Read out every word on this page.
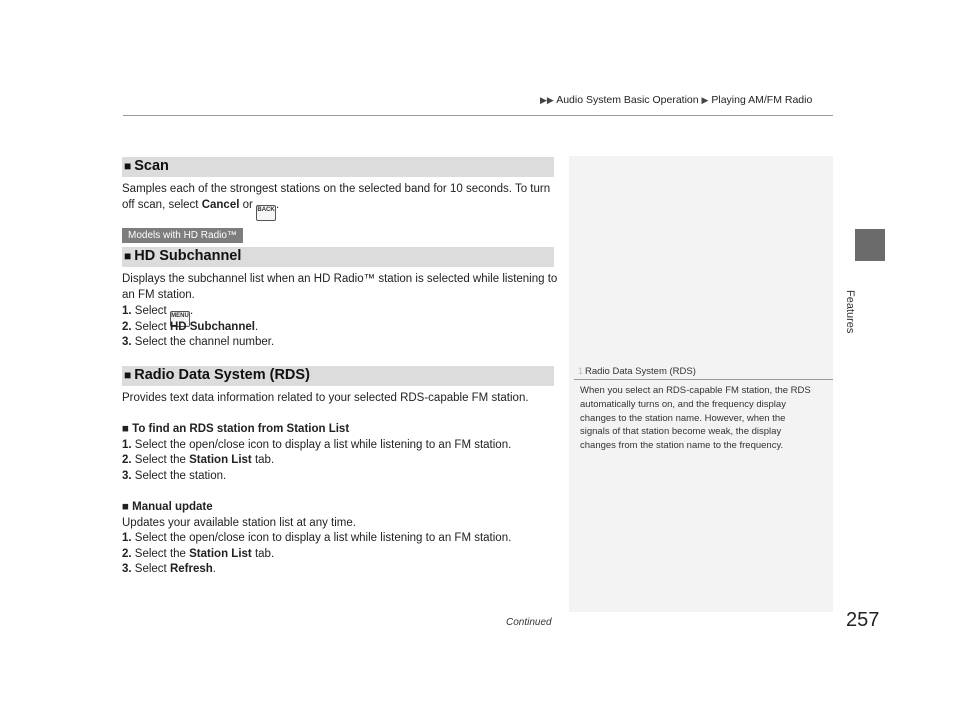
▶▶ Audio System Basic Operation ▶ Playing AM/FM Radio
Features
■ Scan
Samples each of the strongest stations on the selected band for 10 seconds. To turn
off scan, select Cancel or BACK.
Models with HD Radio™
■ HD Subchannel
Displays the subchannel list when an HD Radio™ station is selected while listening to
an FM station.
1. Select MENU.
2. Select HD Subchannel.
3. Select the channel number.
■ Radio Data System (RDS)
Provides text data information related to your selected RDS-capable FM station.
■ To find an RDS station from Station List
1. Select the open/close icon to display a list while listening to an FM station.
2. Select the Station List tab.
3. Select the station.
■ Manual update
Updates your available station list at any time.
1. Select the open/close icon to display a list while listening to an FM station.
2. Select the Station List tab.
3. Select Refresh.
1 Radio Data System (RDS)
When you select an RDS-capable FM station, the RDS
automatically turns on, and the frequency display
changes to the station name. However, when the
signals of that station become weak, the display
changes from the station name to the frequency.
Continued	257
